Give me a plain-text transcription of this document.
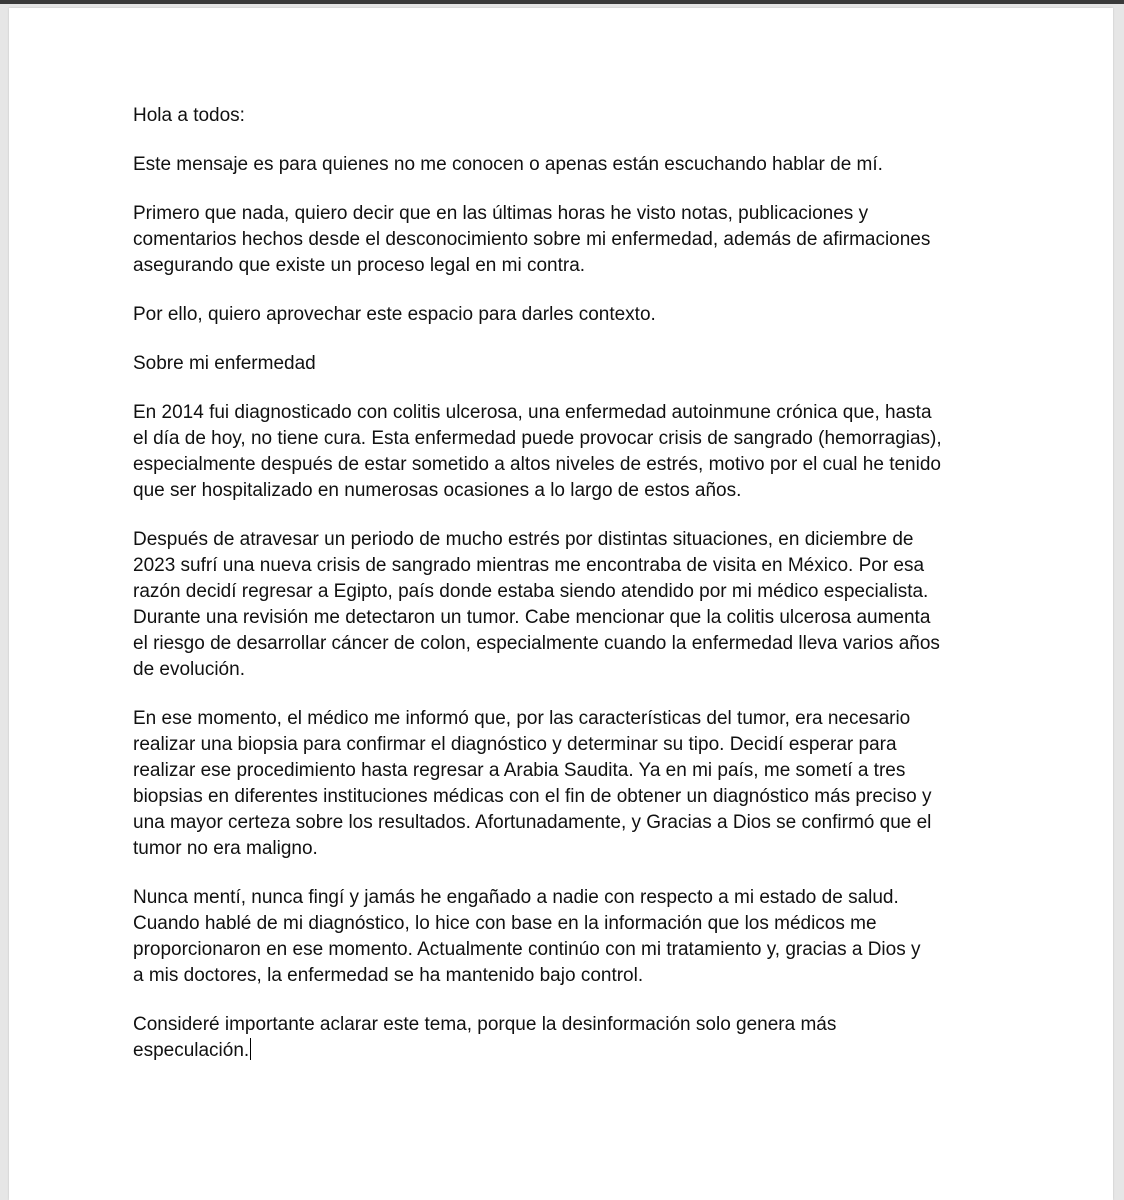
Hola a todos:
Este mensaje es para quienes no me conocen o apenas están escuchando hablar de mí.
Primero que nada, quiero decir que en las últimas horas he visto notas, publicaciones y
comentarios hechos desde el desconocimiento sobre mi enfermedad, además de afirmaciones
asegurando que existe un proceso legal en mi contra.
Por ello, quiero aprovechar este espacio para darles contexto.
Sobre mi enfermedad
En 2014 fui diagnosticado con colitis ulcerosa, una enfermedad autoinmune crónica que, hasta
el día de hoy, no tiene cura. Esta enfermedad puede provocar crisis de sangrado (hemorragias),
especialmente después de estar sometido a altos niveles de estrés, motivo por el cual he tenido
que ser hospitalizado en numerosas ocasiones a lo largo de estos años.
Después de atravesar un periodo de mucho estrés por distintas situaciones, en diciembre de
2023 sufrí una nueva crisis de sangrado mientras me encontraba de visita en México. Por esa
razón decidí regresar a Egipto, país donde estaba siendo atendido por mi médico especialista.
Durante una revisión me detectaron un tumor. Cabe mencionar que la colitis ulcerosa aumenta
el riesgo de desarrollar cáncer de colon, especialmente cuando la enfermedad lleva varios años
de evolución.
En ese momento, el médico me informó que, por las características del tumor, era necesario
realizar una biopsia para confirmar el diagnóstico y determinar su tipo. Decidí esperar para
realizar ese procedimiento hasta regresar a Arabia Saudita. Ya en mi país, me sometí a tres
biopsias en diferentes instituciones médicas con el fin de obtener un diagnóstico más preciso y
una mayor certeza sobre los resultados. Afortunadamente, y Gracias a Dios se confirmó que el
tumor no era maligno.
Nunca mentí, nunca fingí y jamás he engañado a nadie con respecto a mi estado de salud.
Cuando hablé de mi diagnóstico, lo hice con base en la información que los médicos me
proporcionaron en ese momento. Actualmente continúo con mi tratamiento y, gracias a Dios y
a mis doctores, la enfermedad se ha mantenido bajo control.
Consideré importante aclarar este tema, porque la desinformación solo genera más
especulación.
